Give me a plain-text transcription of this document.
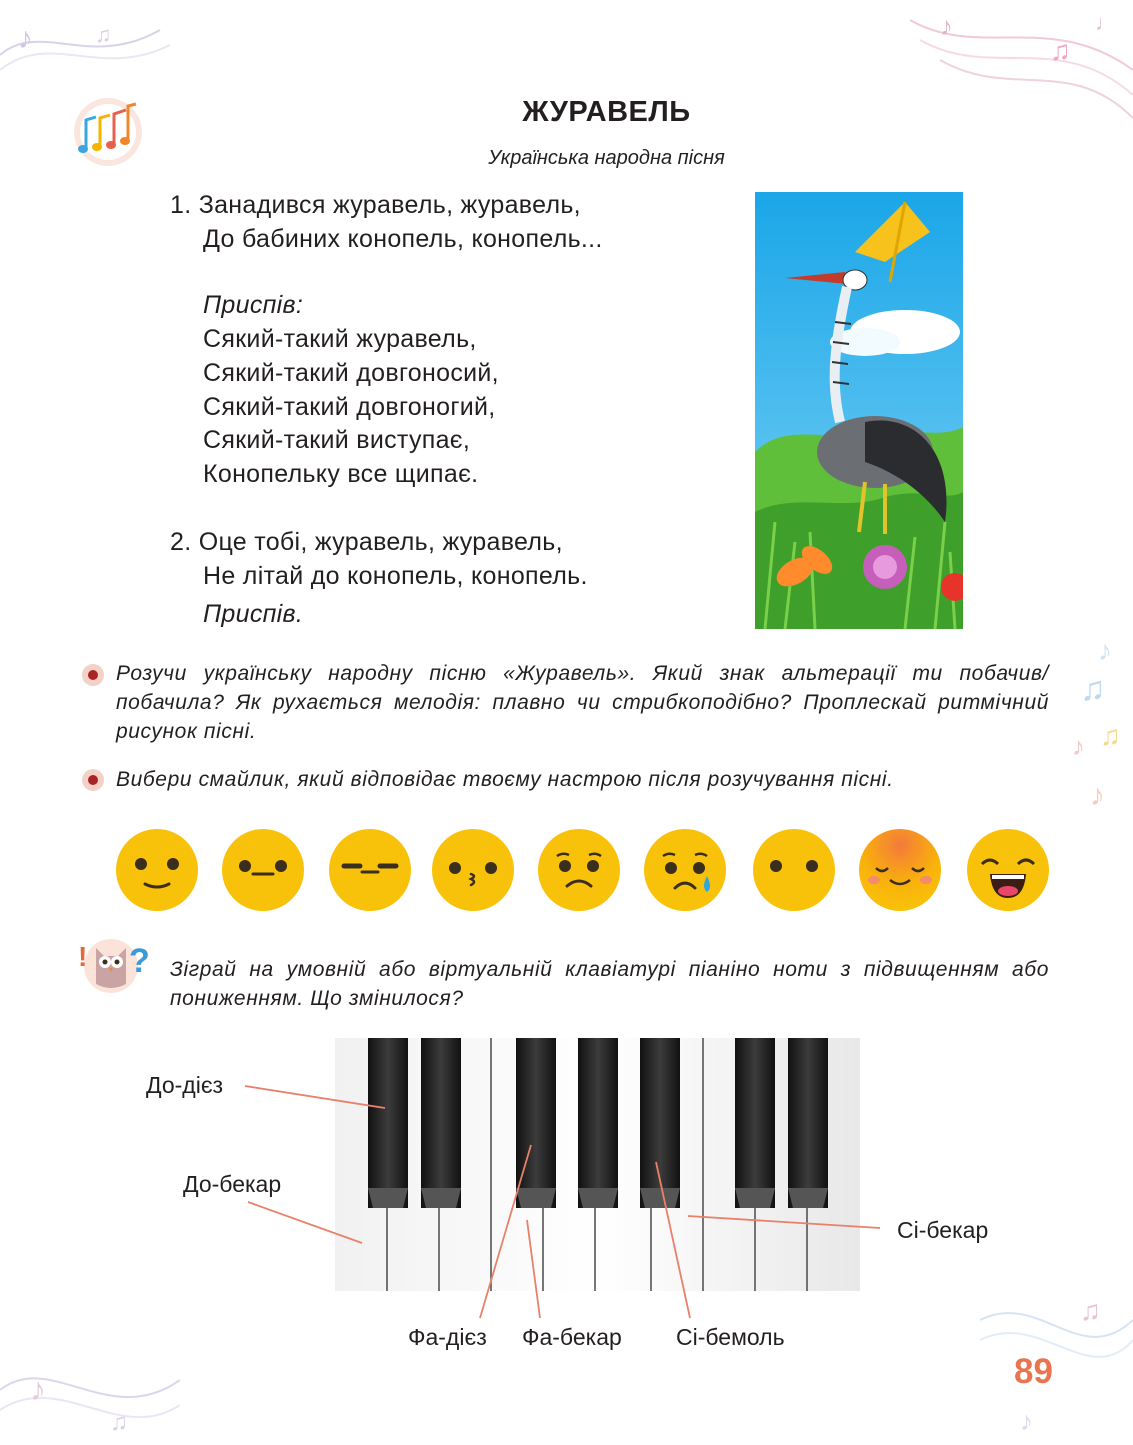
♪	♫	♪
♫
♩
♪
♫
♫
♪
♪
♪
♫
♫
♪
ЖУРАВЕЛЬ
Українська народна пісня
1. Занадився журавель, журавель,
До бабиних конопель, конопель...
Приспів:
Сякий-такий журавель,
Сякий-такий довгоносий,
Сякий-такий довгоногий,
Сякий-такий виступає,
Конопельку все щипає.
2. Оце тобі, журавель, журавель,
Не літай до конопель, конопель.
Приспів.
Розучи українську народну пісню «Журавель». Який знак альтерації ти побачив/побачила? Як рухається мелодія: плавно чи стрибкоподібно? Проплескай ритмічний рисунок пісні.
Вибери смайлик, який відповідає твоєму настрою після розучування пісні.
! ? Зіграй на умовній або віртуальній клавіатурі піаніно ноти з підвищенням або пониженням. Що змінилося?
До-дієз
До-бекар
Сі-бекар
Фа-дієз Фа-бекар Сі-бемоль
89
